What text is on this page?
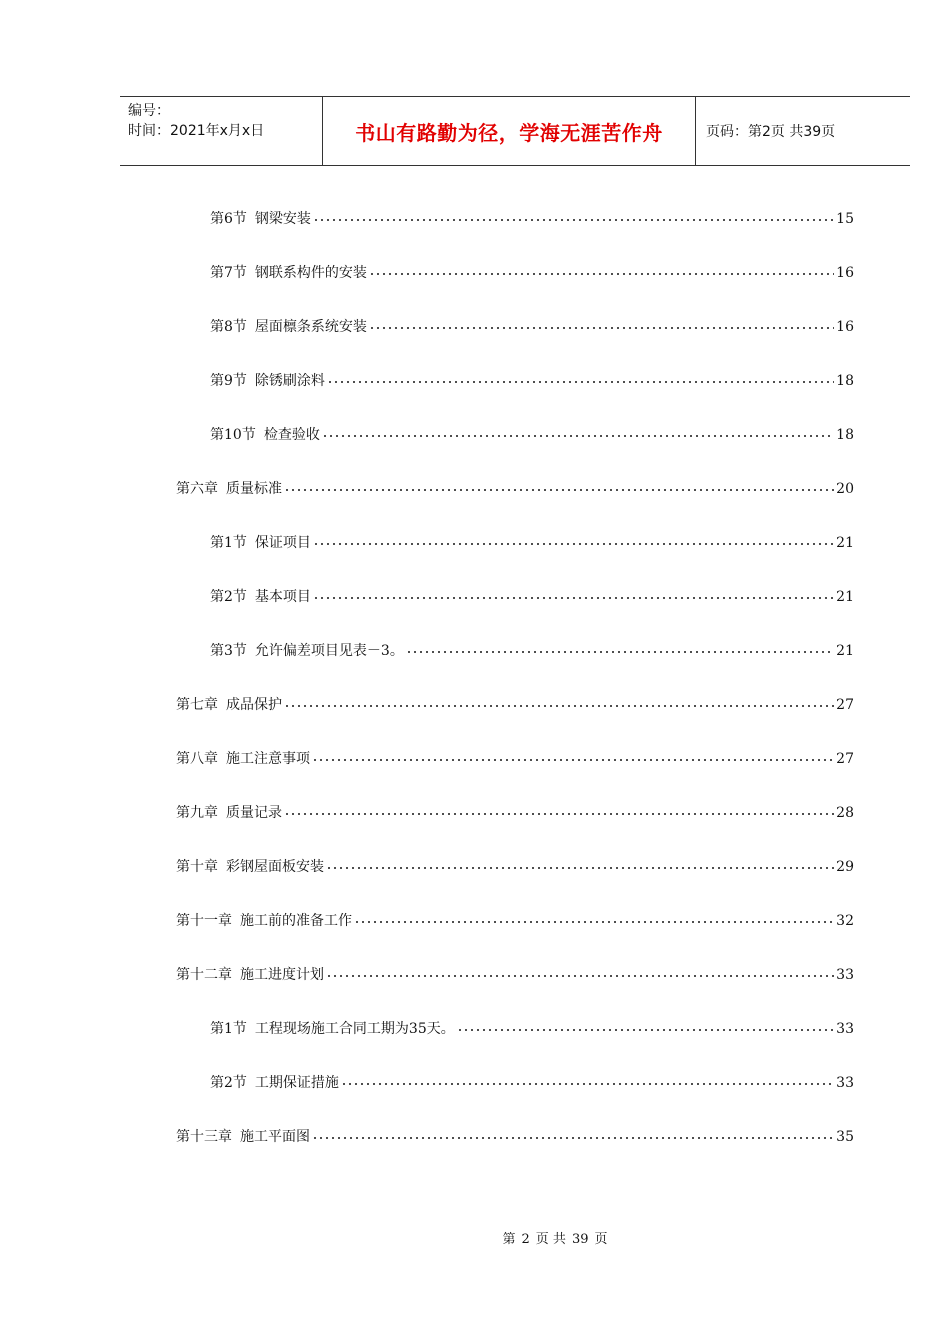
编号：
时间：2021年x月x日	书山有路勤为径，学海无涯苦作舟	页码：第2页 共39页
第6节 钢梁安装	15
第7节 钢联系构件的安装	16
第8节 屋面檩条系统安装	16
第9节 除锈刷涂料	18
第10节 检查验收	18
第六章 质量标准	20
第1节 保证项目	21
第2节 基本项目	21
第3节 允许偏差项目见表－3。	21
第七章 成品保护	27
第八章 施工注意事项	27
第九章 质量记录	28
第十章 彩钢屋面板安装	29
第十一章 施工前的准备工作	32
第十二章 施工进度计划	33
第1节 工程现场施工合同工期为35天。	33
第2节 工期保证措施	33
第十三章 施工平面图	35
第 2 页 共 39 页
